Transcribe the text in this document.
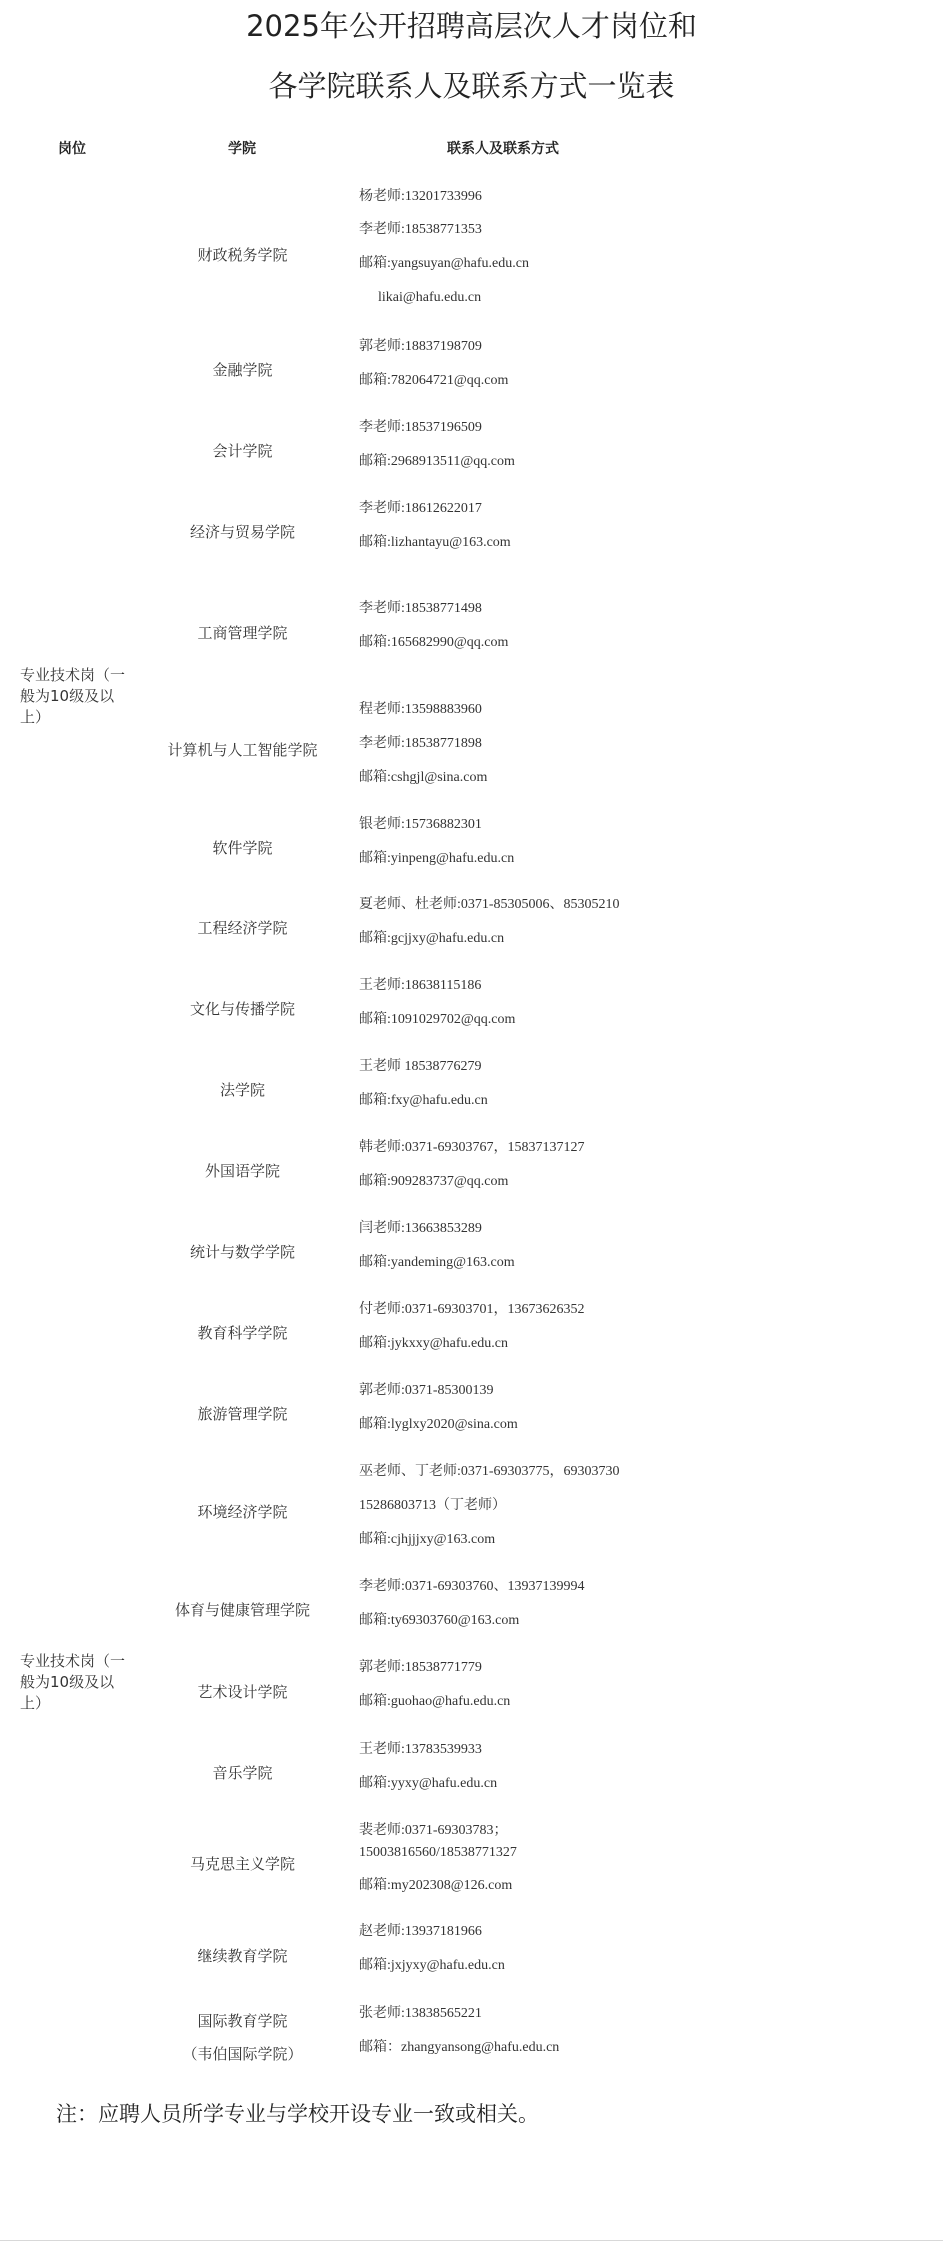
2025年公开招聘高层次人才岗位和
各学院联系人及联系方式一览表
岗位	学院	联系人及联系方式
专业技术岗（一般为10级及以上）
专业技术岗（一般为10级及以上）
财政税务学院
杨老师:13201733996
李老师:18538771353
邮箱:yangsuyan@hafu.edu.cn
likai@hafu.edu.cn
金融学院
郭老师:18837198709
邮箱:782064721@qq.com
会计学院
李老师:18537196509
邮箱:2968913511@qq.com
经济与贸易学院
李老师:18612622017
邮箱:lizhantayu@163.com
工商管理学院
李老师:18538771498
邮箱:165682990@qq.com
计算机与人工智能学院
程老师:13598883960
李老师:18538771898
邮箱:cshgjl@sina.com
软件学院
银老师:15736882301
邮箱:yinpeng@hafu.edu.cn
工程经济学院
夏老师、杜老师:0371-85305006、85305210
邮箱:gcjjxy@hafu.edu.cn
文化与传播学院
王老师:18638115186
邮箱:1091029702@qq.com
法学院
王老师 18538776279
邮箱:fxy@hafu.edu.cn
外国语学院
韩老师:0371-69303767，15837137127
邮箱:909283737@qq.com
统计与数学学院
闫老师:13663853289
邮箱:yandeming@163.com
教育科学学院
付老师:0371-69303701，13673626352
邮箱:jykxxy@hafu.edu.cn
旅游管理学院
郭老师:0371-85300139
邮箱:lyglxy2020@sina.com
环境经济学院
巫老师、丁老师:0371-69303775，69303730
15286803713（丁老师）
邮箱:cjhjjjxy@163.com
体育与健康管理学院
李老师:0371-69303760、13937139994
邮箱:ty69303760@163.com
艺术设计学院
郭老师:18538771779
邮箱:guohao@hafu.edu.cn
音乐学院
王老师:13783539933
邮箱:yyxy@hafu.edu.cn
马克思主义学院
裴老师:0371-69303783；15003816560/18538771327
邮箱:my202308@126.com
继续教育学院
赵老师:13937181966
邮箱:jxjyxy@hafu.edu.cn
国际教育学院
（韦伯国际学院）
张老师:13838565221
邮箱：zhangyansong@hafu.edu.cn
注：应聘人员所学专业与学校开设专业一致或相关。
